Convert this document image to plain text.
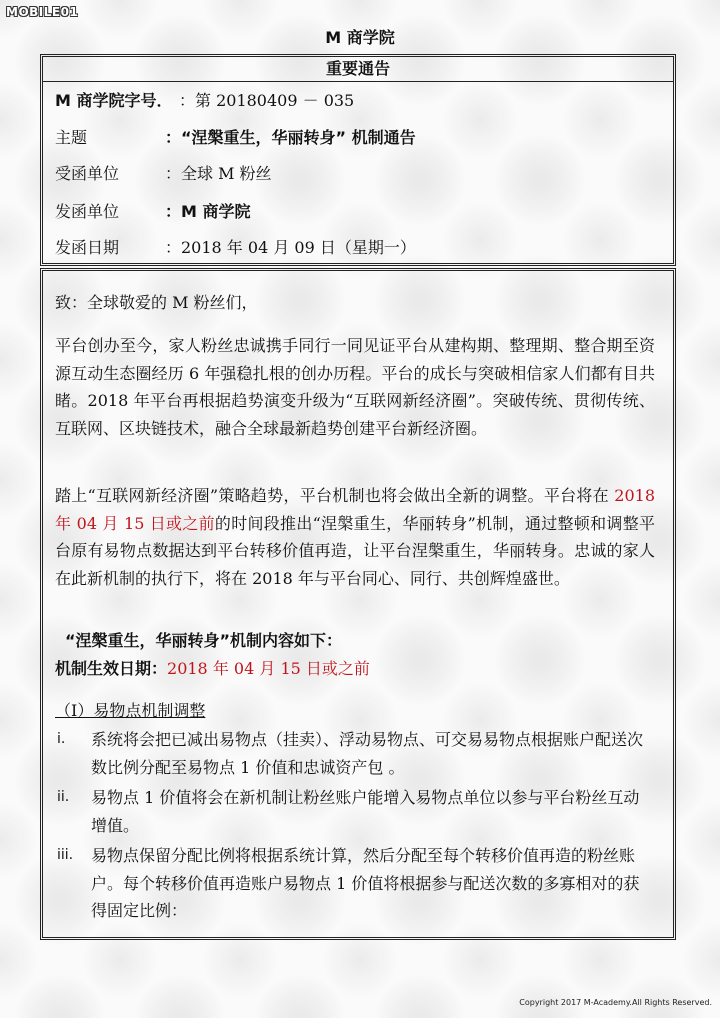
MOBILE01
M 商学院
重要通告
M 商学院字号． ：第 20180409 － 035
主题	：“涅槃重生，华丽转身” 机制通告
受函单位	：全球 M 粉丝
发函单位	：M 商学院
发函日期	：2018 年 04 月 09 日（星期一）
致：全球敬爱的 M 粉丝们，
平台创办至今，家人粉丝忠诚携手同行一同见证平台从建构期、整理期、整合期至资源互动生态圈经历 6 年强稳扎根的创办历程。平台的成长与突破相信家人们都有目共睹。2018 年平台再根据趋势演变升级为“互联网新经济圈”。突破传统、贯彻传统、互联网、区块链技术，融合全球最新趋势创建平台新经济圈。
踏上“互联网新经济圈”策略趋势，平台机制也将会做出全新的调整。平台将在 2018 年 04 月 15 日或之前的时间段推出“涅槃重生，华丽转身”机制，通过整顿和调整平台原有易物点数据达到平台转移价值再造，让平台涅槃重生，华丽转身。忠诚的家人在此新机制的执行下，将在 2018 年与平台同心、同行、共创辉煌盛世。
“涅槃重生，华丽转身”机制内容如下：
机制生效日期：2018 年 04 月 15 日或之前
（I）易物点机制调整
i. 系统将会把已减出易物点（挂卖）、浮动易物点、可交易易物点根据账户配送次数比例分配至易物点 1 价值和忠诚资产包 。
ii. 易物点 1 价值将会在新机制让粉丝账户能增入易物点单位以参与平台粉丝互动增值。
iii. 易物点保留分配比例将根据系统计算，然后分配至每个转移价值再造的粉丝账户。每个转移价值再造账户易物点 1 价值将根据参与配送次数的多寡相对的获得固定比例：
Copyright 2017 M-Academy.All Rights Reserved.
